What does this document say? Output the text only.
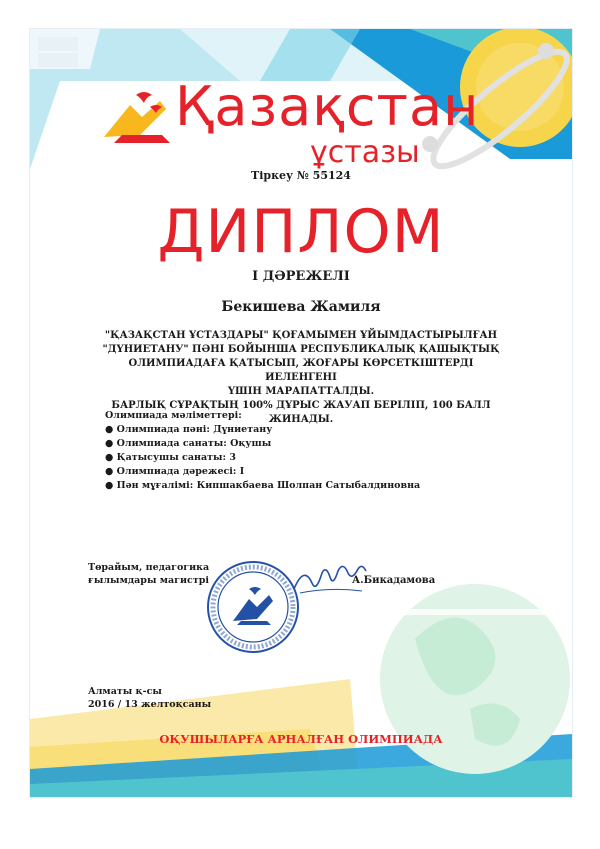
Қазақстан
ұстазы
Тіркеу № 55124
ДИПЛОМ
І ДӘРЕЖЕЛІ
Бекишева Жамиля
"ҚАЗАҚСТАН ҰСТАЗДАРЫ" ҚОҒАМЫМЕН ҰЙЫМДАСТЫРЫЛҒАН
"ДҮНИЕТАНУ" ПӘНІ БОЙЫНША РЕСПУБЛИКАЛЫҚ ҚАШЫҚТЫҚ
ОЛИМПИАДАҒА ҚАТЫСЫП, ЖОҒАРЫ КӨРСЕТКІШТЕРДІ ИЕЛЕНГЕНІ
ҮШІН МАРАПАТТАЛДЫ.
БАРЛЫҚ СҰРАҚТЫҢ 100% ДҰРЫС ЖАУАП БЕРІЛІП, 100 БАЛЛ ЖИНАДЫ.
Олимпиада мәліметтері:
● Олимпиада пәні: Дүниетану
● Олимпиада санаты: Оқушы
● Қатысушы санаты: 3
● Олимпиада дәрежесі: І
● Пән мұғалімі: Кипшакбаева Шолпан Сатыбалдиновна
Төрайым, педагогика
ғылымдары магистрі	А.Бикадамова
Алматы қ-сы
2016 / 13 желтоқсаны
ОҚУШЫЛАРҒА АРНАЛҒАН ОЛИМПИАДА
